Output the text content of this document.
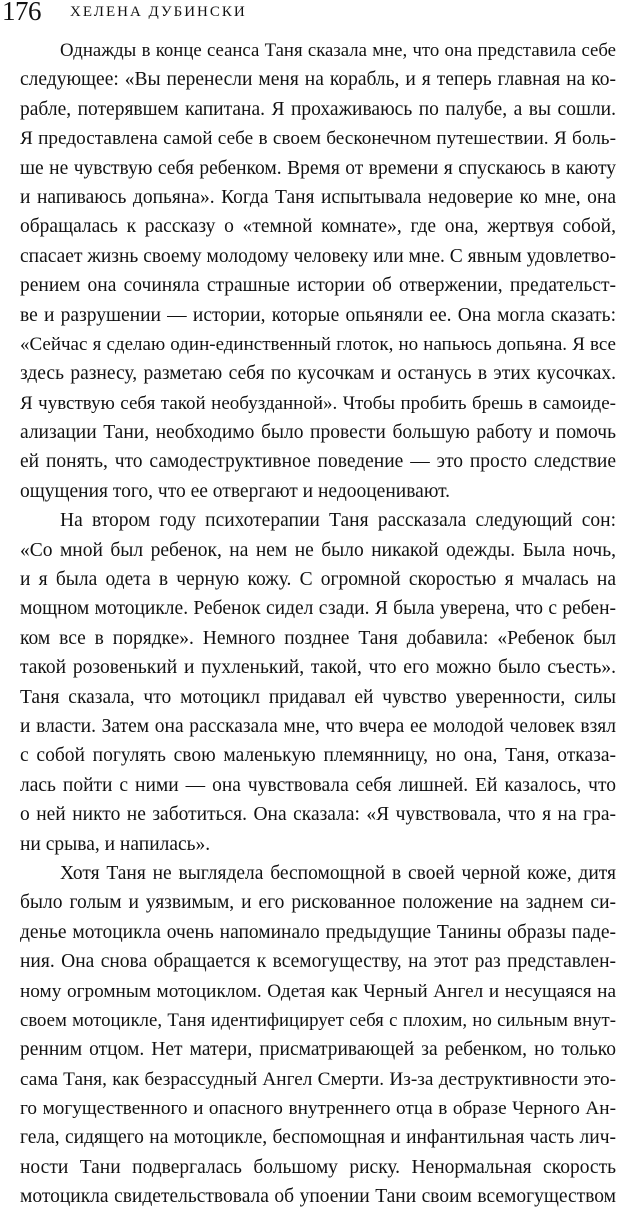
176 ХЕЛЕНА ДУБИНСКИ
Однажды в конце сеанса Таня сказала мне, что она представила себе
следующее: «Вы перенесли меня на корабль, и я теперь главная на ко-
рабле, потерявшем капитана. Я прохаживаюсь по палубе, а вы сошли.
Я предоставлена самой себе в своем бесконечном путешествии. Я боль-
ше не чувствую себя ребенком. Время от времени я спускаюсь в каюту
и напиваюсь допьяна». Когда Таня испытывала недоверие ко мне, она
обращалась к рассказу о «темной комнате», где она, жертвуя собой,
спасает жизнь своему молодому человеку или мне. С явным удовлетво-
рением она сочиняла страшные истории об отвержении, предательст-
ве и разрушении — истории, которые опьяняли ее. Она могла сказать:
«Сейчас я сделаю один-единственный глоток, но напьюсь допьяна. Я все
здесь разнесу, разметаю себя по кусочкам и останусь в этих кусочках.
Я чувствую себя такой необузданной». Чтобы пробить брешь в самоиде-
ализации Тани, необходимо было провести большую работу и помочь
ей понять, что самодеструктивное поведение — это просто следствие
ощущения того, что ее отвергают и недооценивают.
На втором году психотерапии Таня рассказала следующий сон:
«Со мной был ребенок, на нем не было никакой одежды. Была ночь,
и я была одета в черную кожу. С огромной скоростью я мчалась на
мощном мотоцикле. Ребенок сидел сзади. Я была уверена, что с ребен-
ком все в порядке». Немного позднее Таня добавила: «Ребенок был
такой розовенький и пухленький, такой, что его можно было съесть».
Таня сказала, что мотоцикл придавал ей чувство уверенности, силы
и власти. Затем она рассказала мне, что вчера ее молодой человек взял
с собой погулять свою маленькую племянницу, но она, Таня, отказа-
лась пойти с ними — она чувствовала себя лишней. Ей казалось, что
о ней никто не заботиться. Она сказала: «Я чувствовала, что я на гра-
ни срыва, и напилась».
Хотя Таня не выглядела беспомощной в своей черной коже, дитя
было голым и уязвимым, и его рискованное положение на заднем си-
денье мотоцикла очень напоминало предыдущие Танины образы паде-
ния. Она снова обращается к всемогуществу, на этот раз представлен-
ному огромным мотоциклом. Одетая как Черный Ангел и несущаяся на
своем мотоцикле, Таня идентифицирует себя с плохим, но сильным внут-
ренним отцом. Нет матери, присматривающей за ребенком, но только
сама Таня, как безрассудный Ангел Смерти. Из-за деструктивности это-
го могущественного и опасного внутреннего отца в образе Черного Ан-
гела, сидящего на мотоцикле, беспомощная и инфантильная часть лич-
ности Тани подвергалась большому риску. Ненормальная скорость
мотоцикла свидетельствовала об упоении Тани своим всемогуществом
